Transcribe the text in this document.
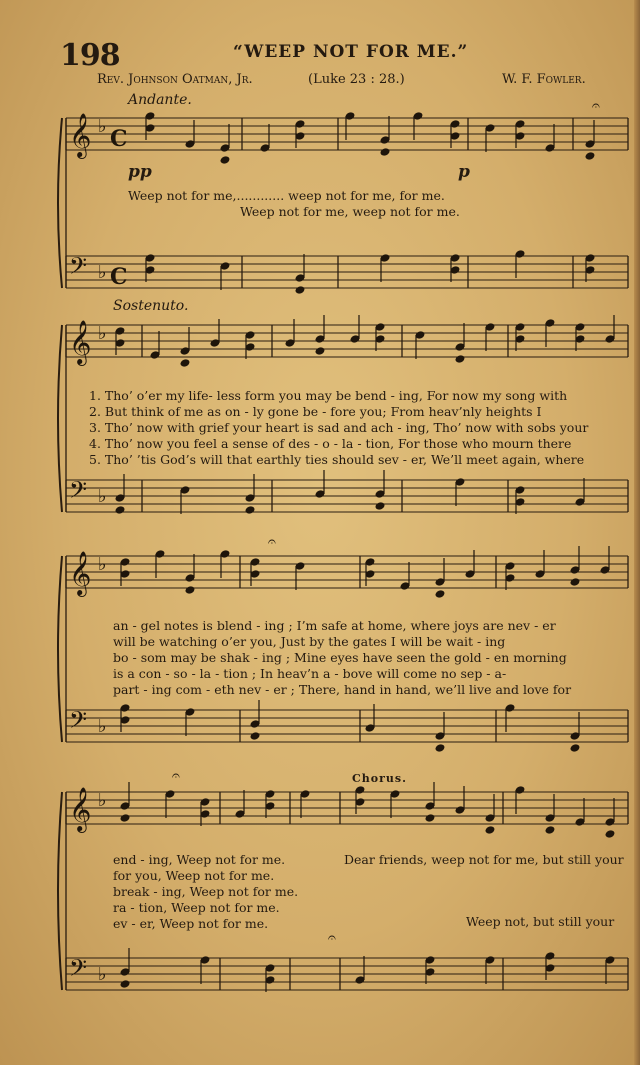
198	“WEEP NOT FOR ME.”
Rev. Johnson Oatman, Jr.	(Luke 23 : 28.)	W. F. Fowler.
Andante.
Sostenuto.
pp	p
Chorus.
𝄞
𝄢
♭
♭
𝄞
𝄢
♭
♭
𝄞
𝄢
♭
♭
𝄞
𝄢
♭
♭
C
C
𝄐
𝄐
𝄐
𝄐
Weep not for me,............ weep not for me, for me.
Weep not for me, weep not for me.
1. Tho’ o’er my life- less form you may be bend - ing, For now my song with
2. But think of me as on - ly gone be - fore you; From heav’nly heights I
3. Tho’ now with grief your heart is sad and ach - ing, Tho’ now with sobs your
4. Tho’ now you feel a sense of des - o - la - tion, For those who mourn there
5. Tho’ ’tis God’s will that earthly ties should sev - er, We’ll meet again, where
an - gel notes is blend - ing ; I’m safe at home, where joys are nev - er
will be watching o’er you, Just by the gates I will be wait - ing
bo - som may be shak - ing ; Mine eyes have seen the gold - en morning
is a con - so - la - tion ; In heav’n a - bove will come no sep - a-
part - ing com - eth nev - er ; There, hand in hand, we’ll live and love for
end - ing, Weep not for me.
for you, Weep not for me.
break - ing, Weep not for me.
ra - tion, Weep not for me.
ev - er, Weep not for me.
Dear friends, weep not for me, but still your
Weep not, but still your
